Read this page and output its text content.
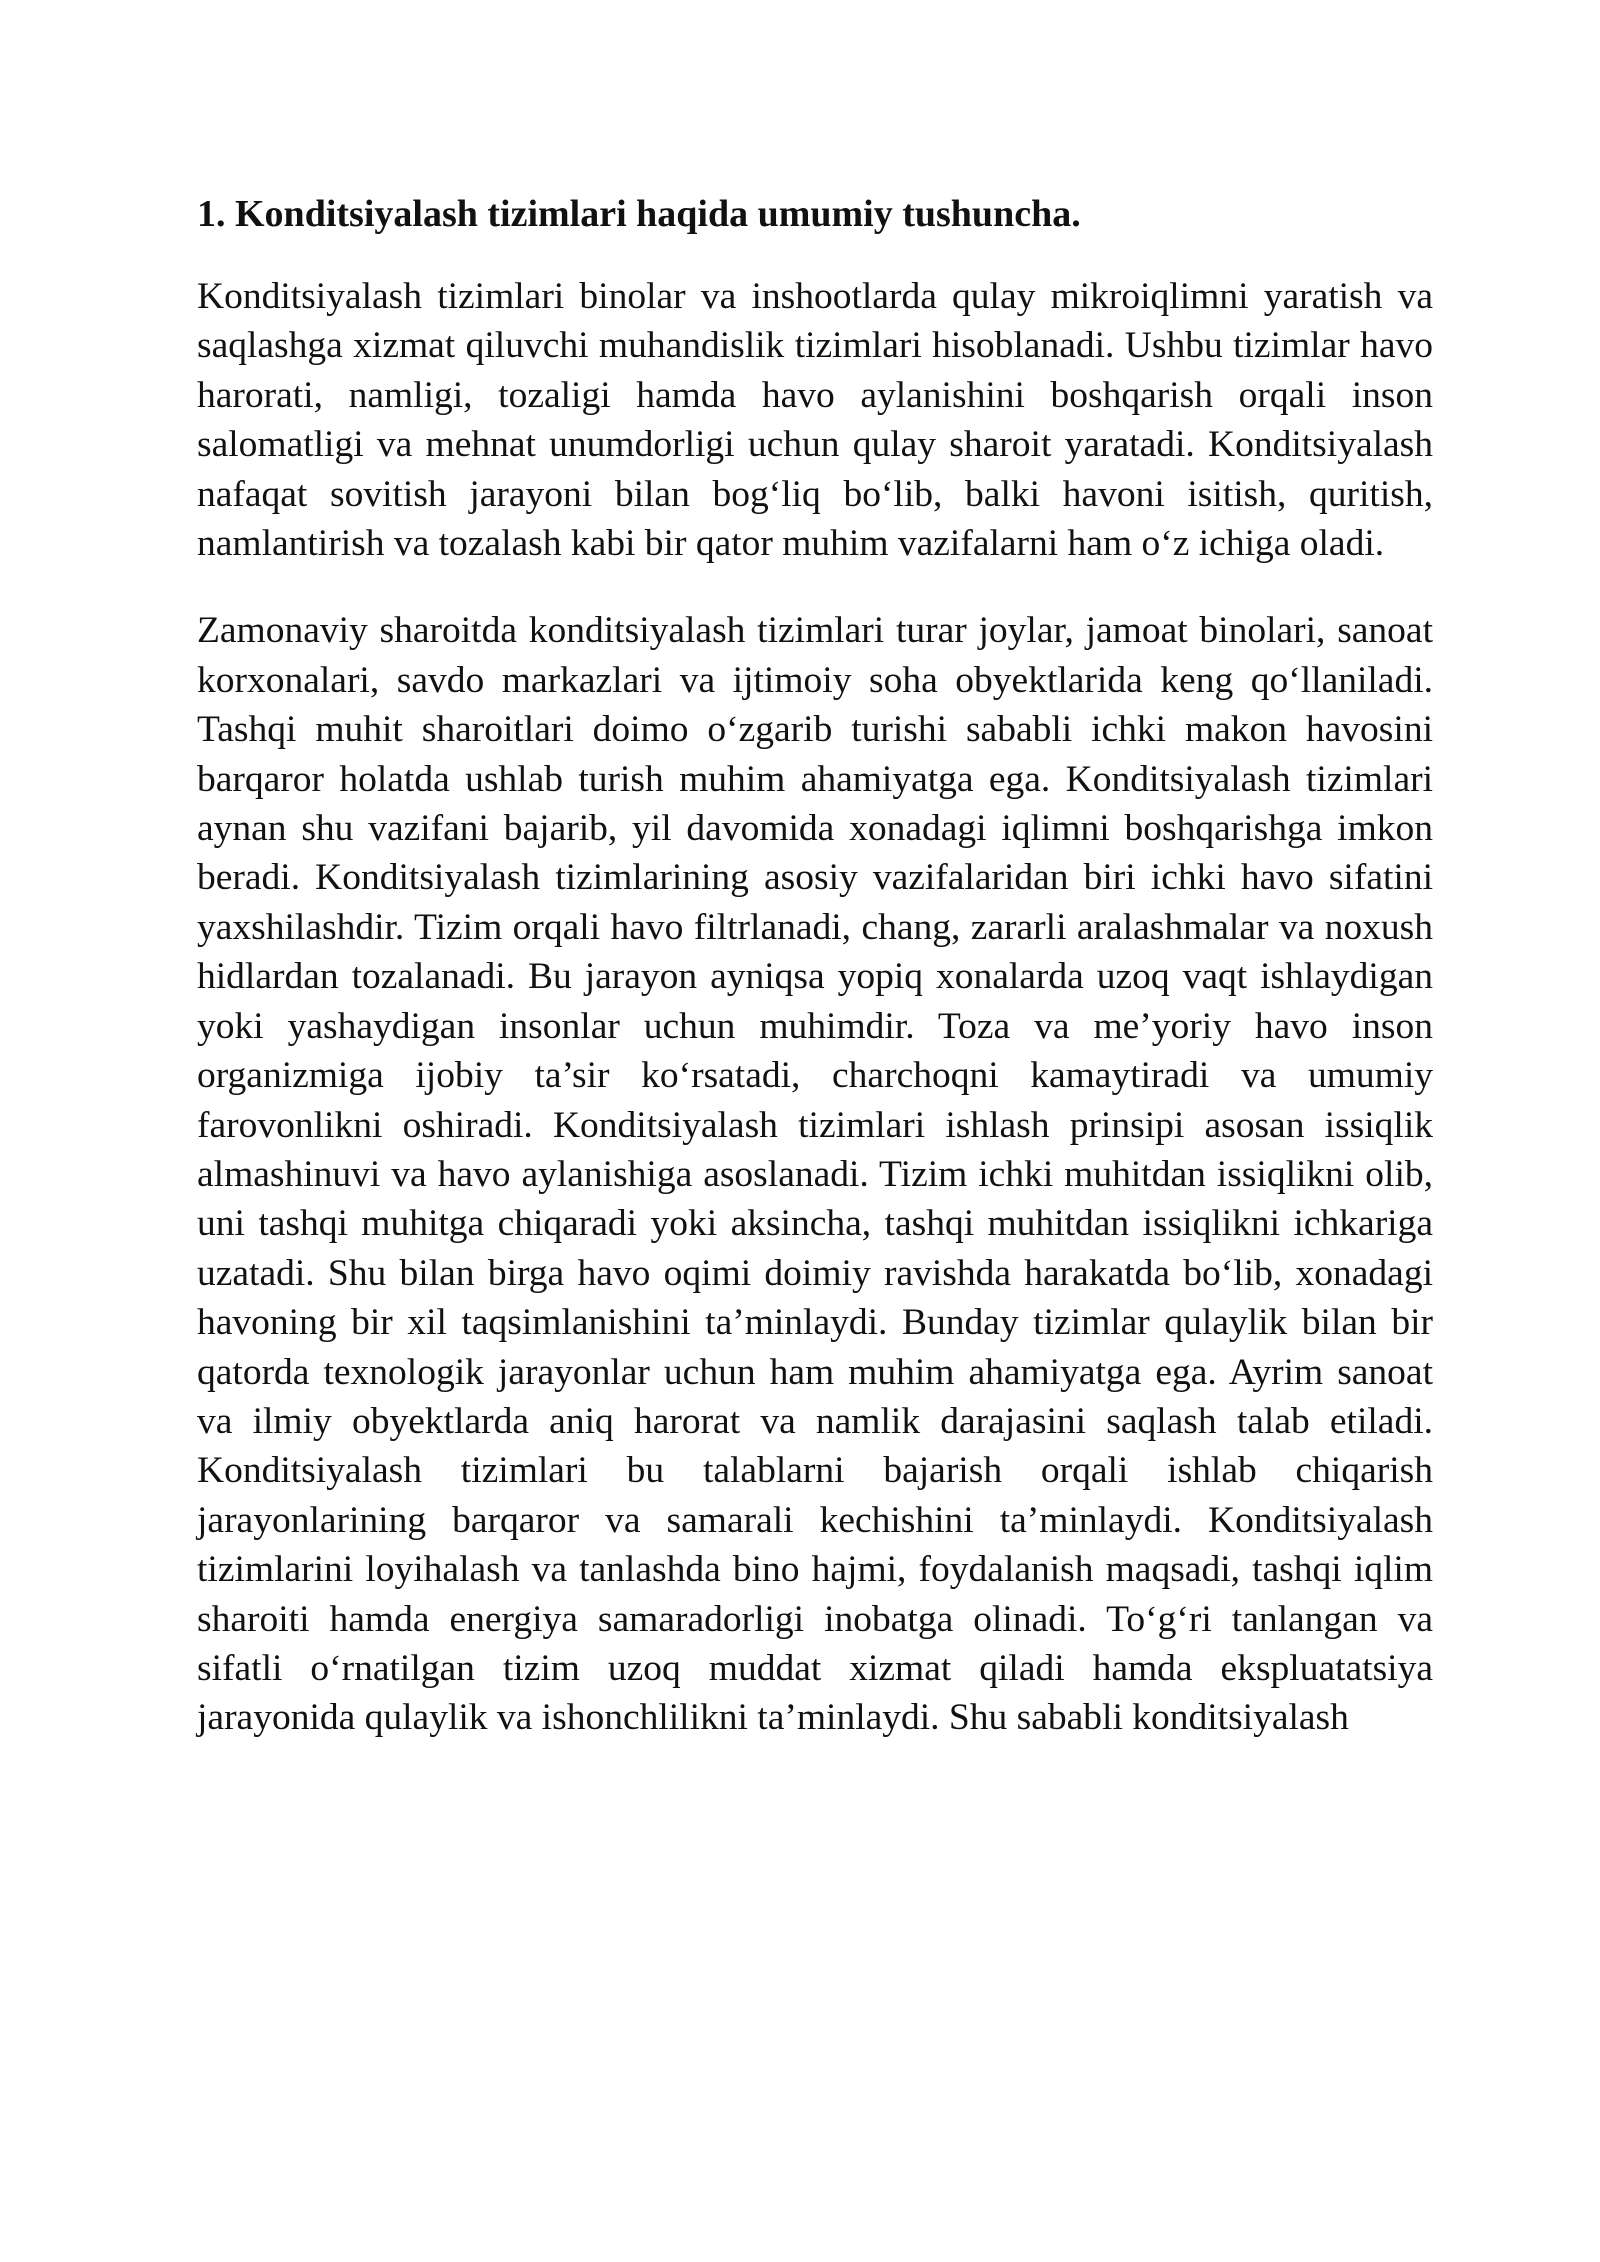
1. Konditsiyalash tizimlari haqida umumiy tushuncha.
Konditsiyalash tizimlari binolar va inshootlarda qulay mikroiqlimni yaratish va saqlashga xizmat qiluvchi muhandislik tizimlari hisoblanadi. Ushbu tizimlar havo harorati, namligi, tozaligi hamda havo aylanishini boshqarish orqali inson salomatligi va mehnat unumdorligi uchun qulay sharoit yaratadi. Konditsiyalash nafaqat sovitish jarayoni bilan bog‘liq bo‘lib, balki havoni isitish, quritish, namlantirish va tozalash kabi bir qator muhim vazifalarni ham o‘z ichiga oladi.
Zamonaviy sharoitda konditsiyalash tizimlari turar joylar, jamoat binolari, sanoat korxonalari, savdo markazlari va ijtimoiy soha obyektlarida keng qo‘llaniladi. Tashqi muhit sharoitlari doimo o‘zgarib turishi sababli ichki makon havosini barqaror holatda ushlab turish muhim ahamiyatga ega. Konditsiyalash tizimlari aynan shu vazifani bajarib, yil davomida xonadagi iqlimni boshqarishga imkon beradi. Konditsiyalash tizimlarining asosiy vazifalaridan biri ichki havo sifatini yaxshilashdir. Tizim orqali havo filtrlanadi, chang, zararli aralashmalar va noxush hidlardan tozalanadi. Bu jarayon ayniqsa yopiq xonalarda uzoq vaqt ishlaydigan yoki yashaydigan insonlar uchun muhimdir. Toza va me’yoriy havo inson organizmiga ijobiy ta’sir ko‘rsatadi, charchoqni kamaytiradi va umumiy farovonlikni oshiradi. Konditsiyalash tizimlari ishlash prinsipi asosan issiqlik almashinuvi va havo aylanishiga asoslanadi. Tizim ichki muhitdan issiqlikni olib, uni tashqi muhitga chiqaradi yoki aksincha, tashqi muhitdan issiqlikni ichkariga uzatadi. Shu bilan birga havo oqimi doimiy ravishda harakatda bo‘lib, xonadagi havoning bir xil taqsimlanishini ta’minlaydi. Bunday tizimlar qulaylik bilan bir qatorda texnologik jarayonlar uchun ham muhim ahamiyatga ega. Ayrim sanoat va ilmiy obyektlarda aniq harorat va namlik darajasini saqlash talab etiladi. Konditsiyalash tizimlari bu talablarni bajarish orqali ishlab chiqarish jarayonlarining barqaror va samarali kechishini ta’minlaydi. Konditsiyalash tizimlarini loyihalash va tanlashda bino hajmi, foydalanish maqsadi, tashqi iqlim sharoiti hamda energiya samaradorligi inobatga olinadi. To‘g‘ri tanlangan va sifatli o‘rnatilgan tizim uzoq muddat xizmat qiladi hamda ekspluatatsiya jarayonida qulaylik va ishonchlilikni ta’minlaydi. Shu sababli konditsiyalash
